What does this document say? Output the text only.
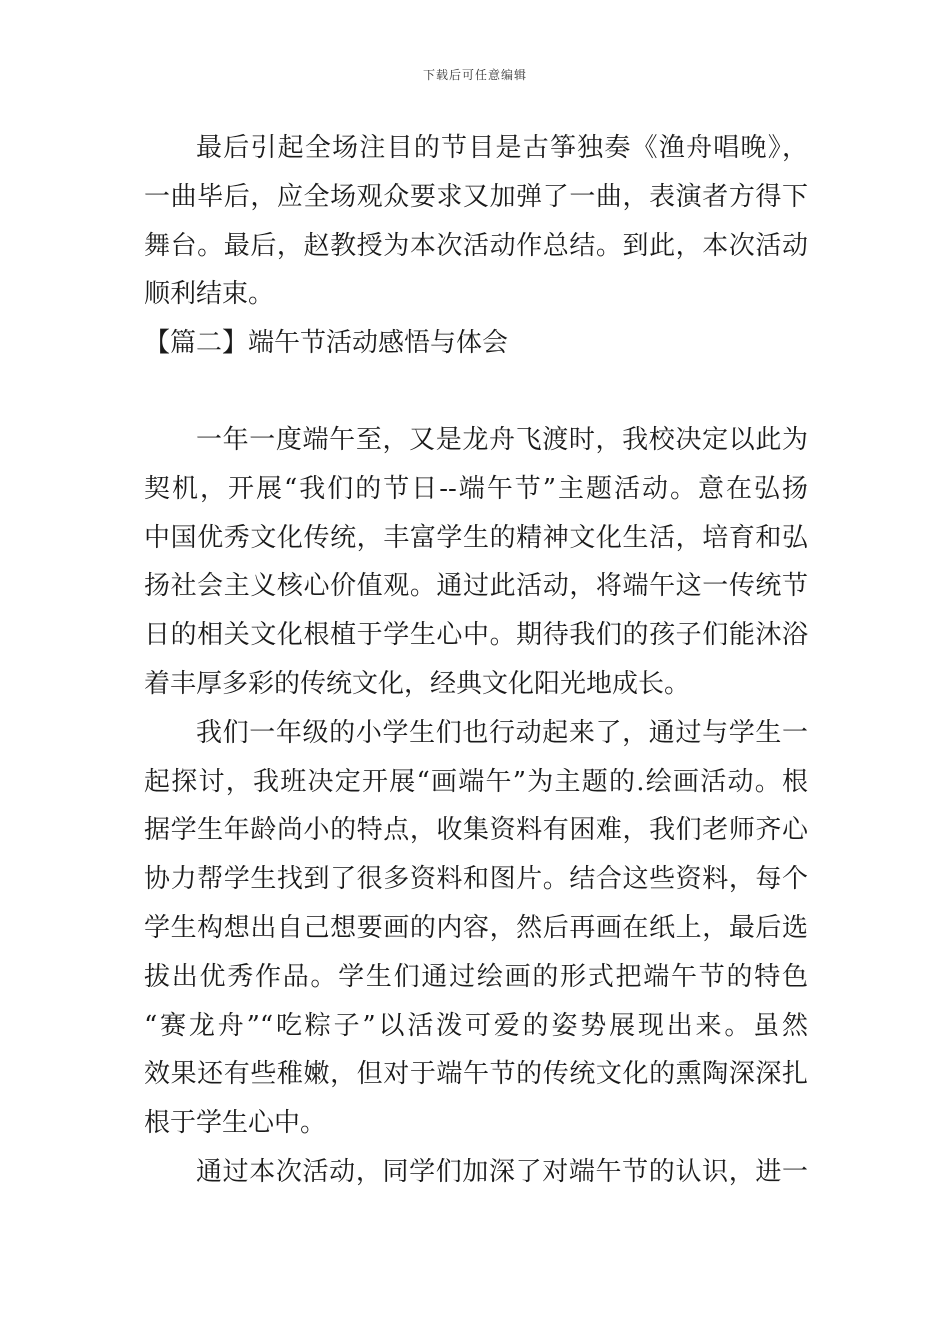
下载后可任意编辑
最后引起全场注目的节目是古筝独奏《渔舟唱晚》，
一曲毕后，应全场观众要求又加弹了一曲，表演者方得下
舞台。最后，赵教授为本次活动作总结。到此，本次活动
顺利结束。
【篇二】端午节活动感悟与体会
一年一度端午至，又是龙舟飞渡时，我校决定以此为
契机，开展“我们的节日--端午节”主题活动。意在弘扬
中国优秀文化传统，丰富学生的精神文化生活，培育和弘
扬社会主义核心价值观。通过此活动，将端午这一传统节
日的相关文化根植于学生心中。期待我们的孩子们能沐浴
着丰厚多彩的传统文化，经典文化阳光地成长。
我们一年级的小学生们也行动起来了，通过与学生一
起探讨，我班决定开展“画端午”为主题的.绘画活动。根
据学生年龄尚小的特点，收集资料有困难，我们老师齐心
协力帮学生找到了很多资料和图片。结合这些资料，每个
学生构想出自己想要画的内容，然后再画在纸上，最后选
拔出优秀作品。学生们通过绘画的形式把端午节的特色
“赛龙舟”“吃粽子”以活泼可爱的姿势展现出来。虽然
效果还有些稚嫩，但对于端午节的传统文化的熏陶深深扎
根于学生心中。
通过本次活动，同学们加深了对端午节的认识，进一
